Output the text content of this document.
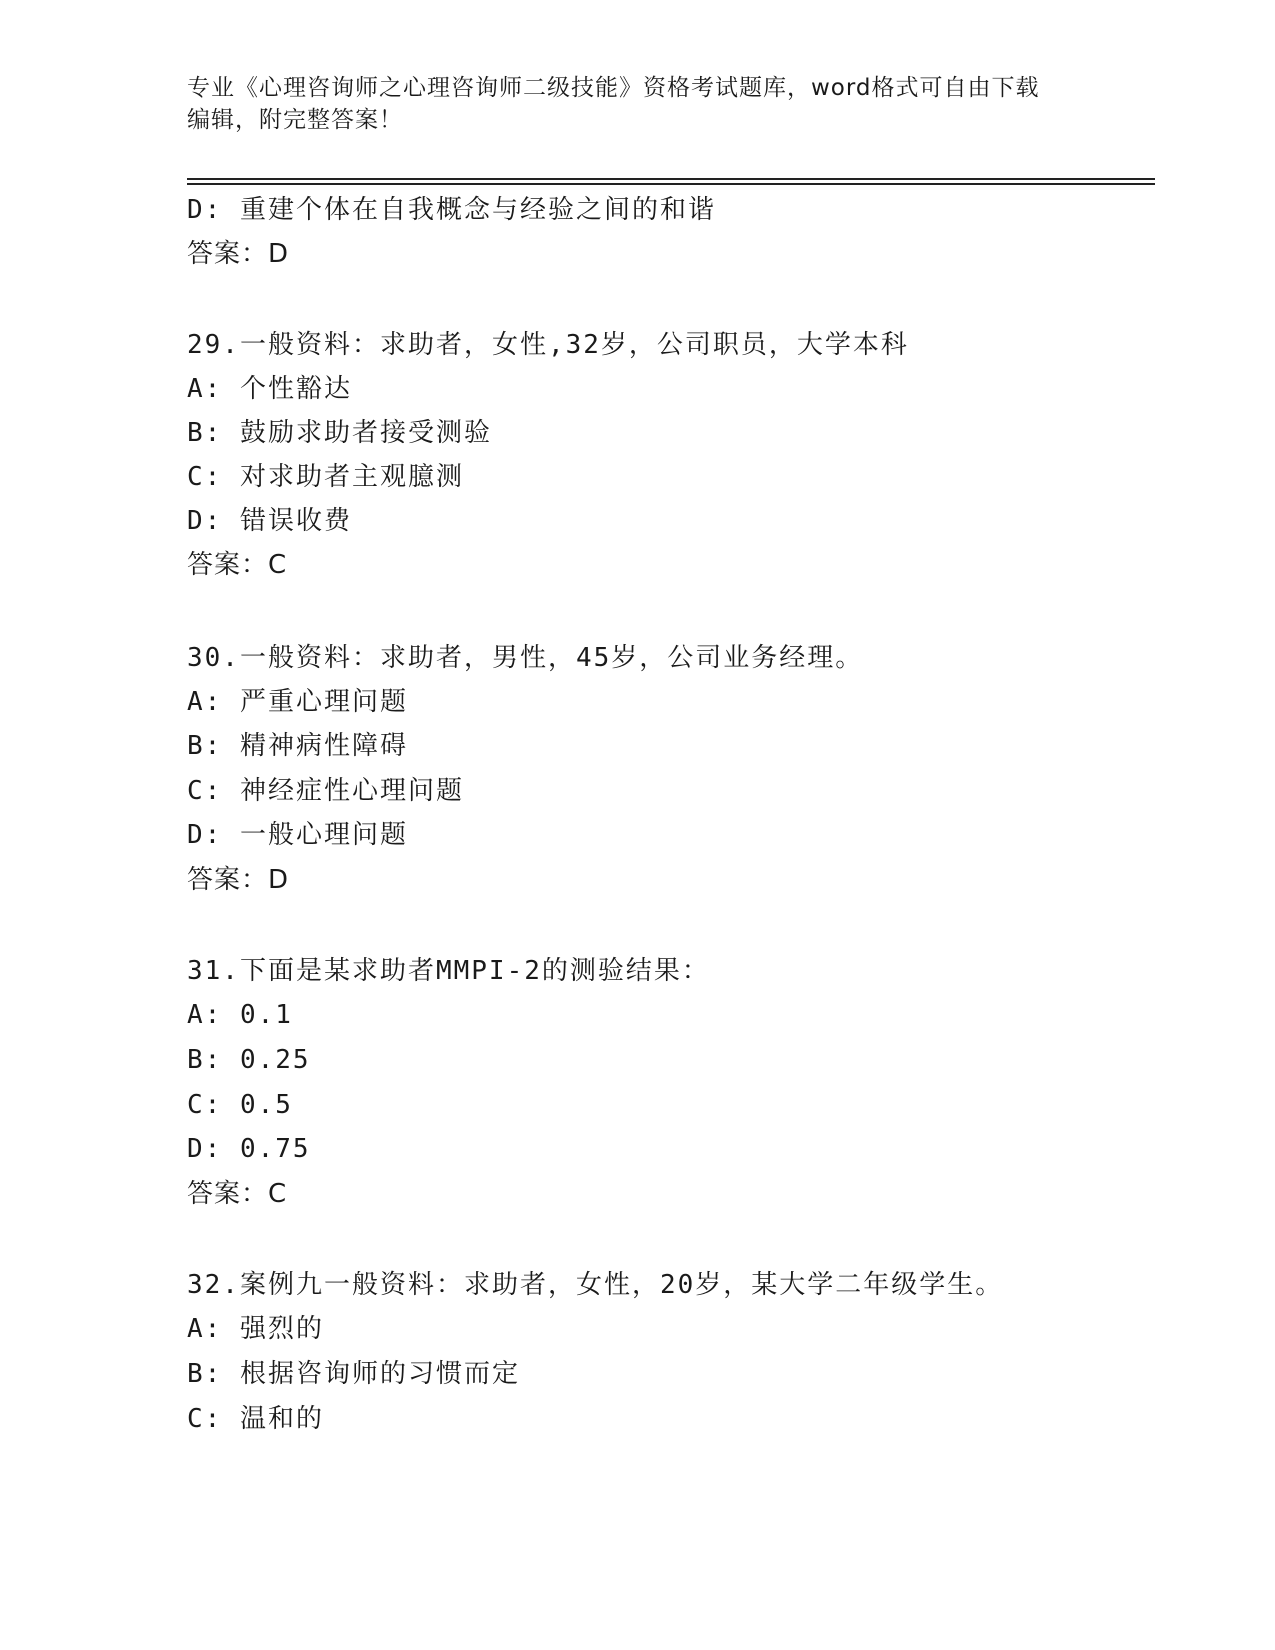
专业《心理咨询师之心理咨询师二级技能》资格考试题库，word格式可自由下载
编辑，附完整答案！
D: 重建个体在自我概念与经验之间的和谐
答案：D
29.一般资料：求助者，女性,32岁，公司职员，大学本科
A: 个性豁达
B: 鼓励求助者接受测验
C: 对求助者主观臆测
D: 错误收费
答案：C
30.一般资料：求助者，男性，45岁，公司业务经理。
A: 严重心理问题
B: 精神病性障碍
C: 神经症性心理问题
D: 一般心理问题
答案：D
31.下面是某求助者MMPI-2的测验结果：
A: 0.1
B: 0.25
C: 0.5
D: 0.75
答案：C
32.案例九一般资料：求助者，女性，20岁，某大学二年级学生。
A: 强烈的
B: 根据咨询师的习惯而定
C: 温和的
